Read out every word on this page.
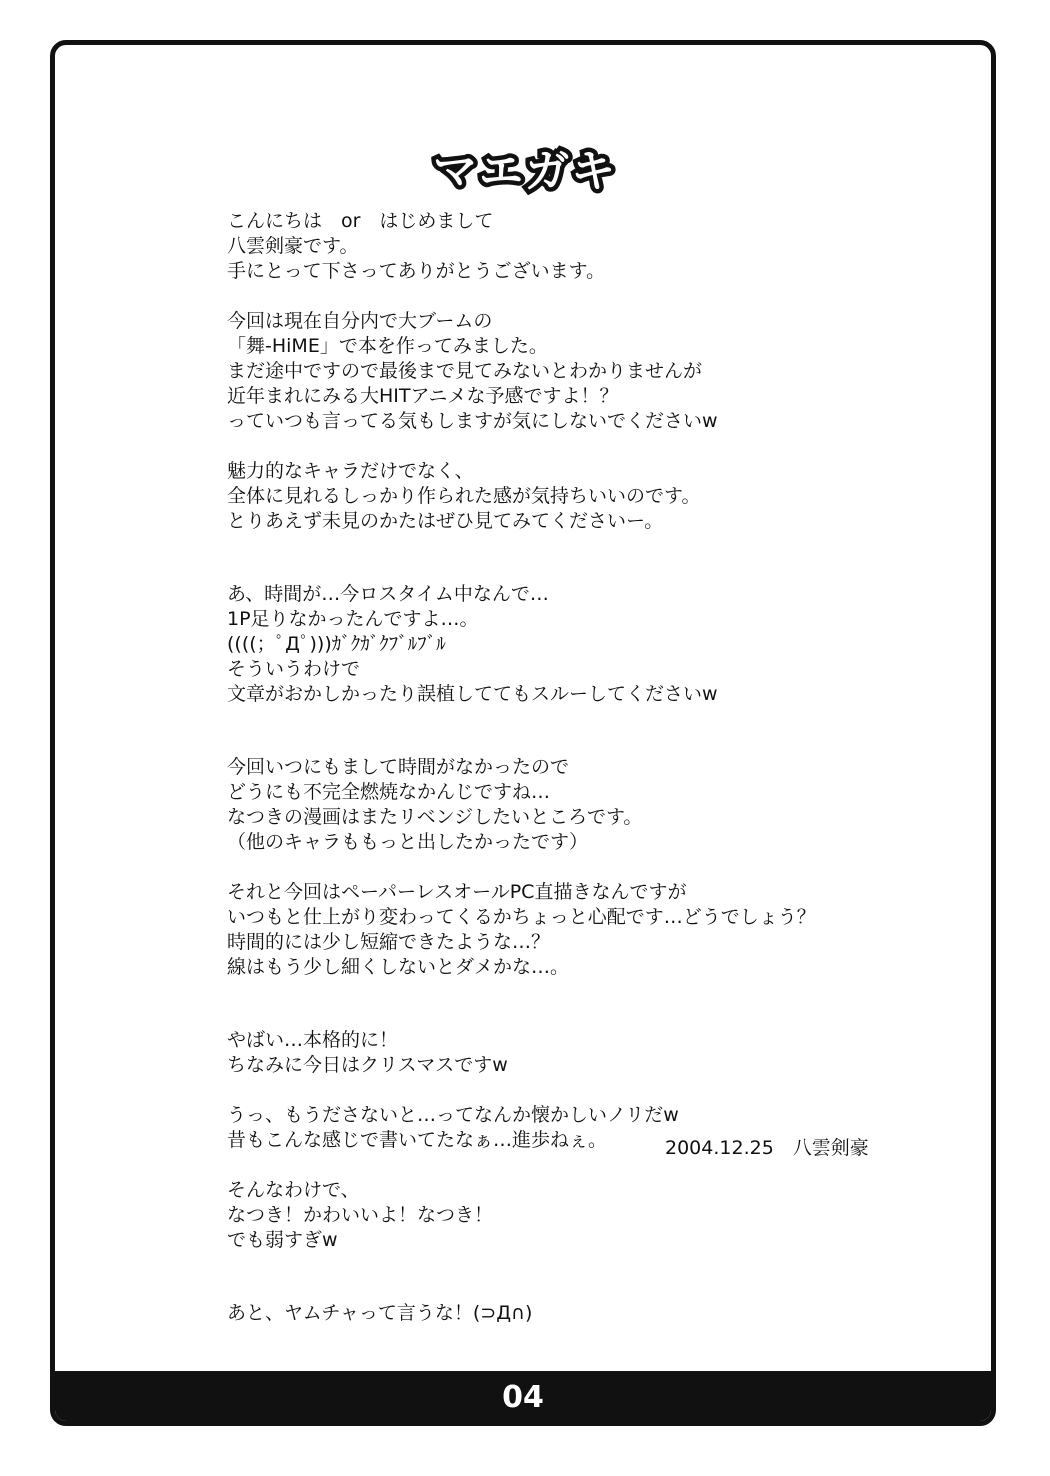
マエガキ
こんにちは　or　はじめまして
八雲剣豪です。
手にとって下さってありがとうございます。
今回は現在自分内で大ブームの
「舞-HiME」で本を作ってみました。
まだ途中ですので最後まで見てみないとわかりませんが
近年まれにみる大HITアニメな予感ですよ！？
っていつも言ってる気もしますが気にしないでくださいw
魅力的なキャラだけでなく、
全体に見れるしっかり作られた感が気持ちいいのです。
とりあえず未見のかたはぜひ見てみてくださいー。
あ、時間が…今ロスタイム中なんで…
1P足りなかったんですよ…。
((((；ﾟДﾟ)))ｶﾞｸｶﾞｸﾌﾞﾙﾌﾞﾙ
そういうわけで
文章がおかしかったり誤植しててもスルーしてくださいw
今回いつにもまして時間がなかったので
どうにも不完全燃焼なかんじですね…
なつきの漫画はまたリベンジしたいところです。
（他のキャラももっと出したかったです）
それと今回はペーパーレスオールPC直描きなんですが
いつもと仕上がり変わってくるかちょっと心配です…どうでしょう？
時間的には少し短縮できたような…？
線はもう少し細くしないとダメかな…。
やばい…本格的に！
ちなみに今日はクリスマスですw
うっ、もうださないと…ってなんか懐かしいノリだw
昔もこんな感じで書いてたなぁ…進歩ねぇ。
そんなわけで、
なつき！かわいいよ！なつき！
でも弱すぎw
あと、ヤムチャって言うな！(⊃Д∩)
2004.12.25　八雲剣豪
04
